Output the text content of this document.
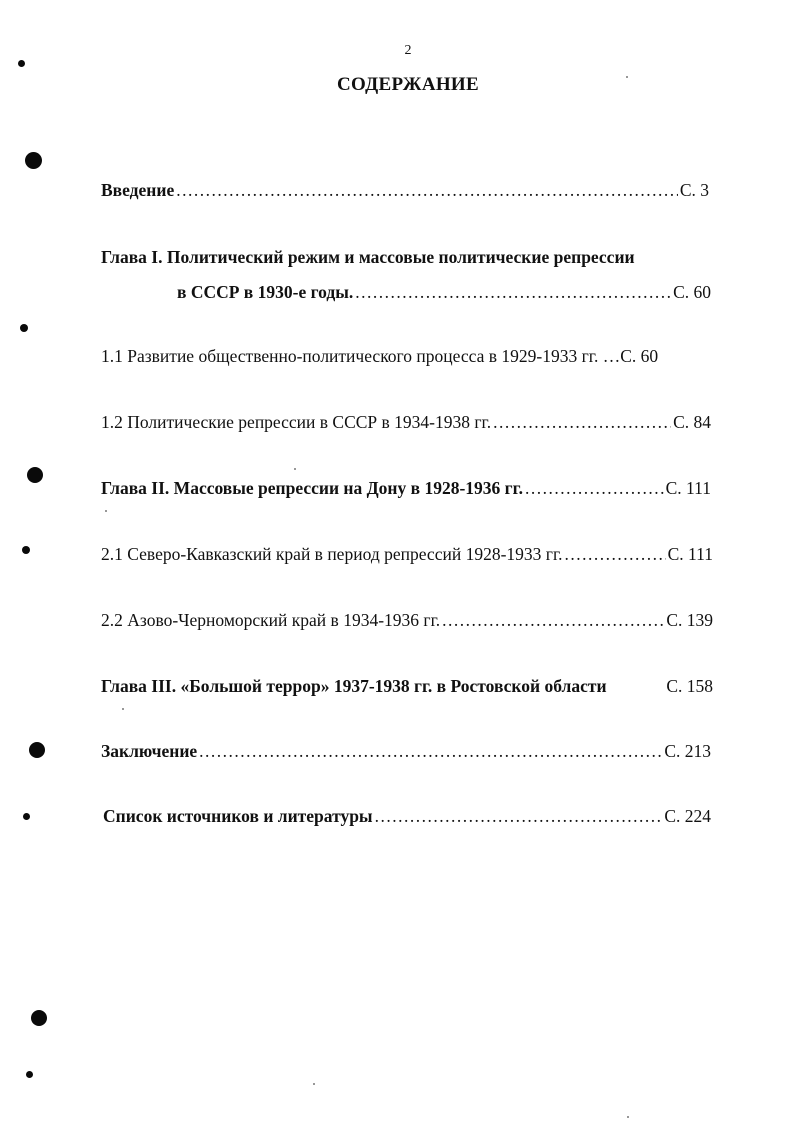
2
СОДЕРЖАНИЕ
Введение .....	С. 3
Глава I. Политический режим и массовые политические репрессии
в СССР в 1930-е годы. .....	С. 60
1.1 Развитие общественно-политического процесса в 1929-1933 гг. … С. 60
1.2 Политические репрессии в СССР в 1934-1938 гг. .....	С. 84
Глава II. Массовые репрессии на Дону в 1928-1936 гг. .....	С. 111
2.1 Северо-Кавказский край в период репрессий 1928-1933 гг. .....	С. 111
2.2 Азово-Черноморский край в 1934-1936 гг. .....	С. 139
Глава III. «Большой террор» 1937-1938 гг. в Ростовской области	С. 158
Заключение .....	С. 213
Список источников и литературы .....	С. 224
